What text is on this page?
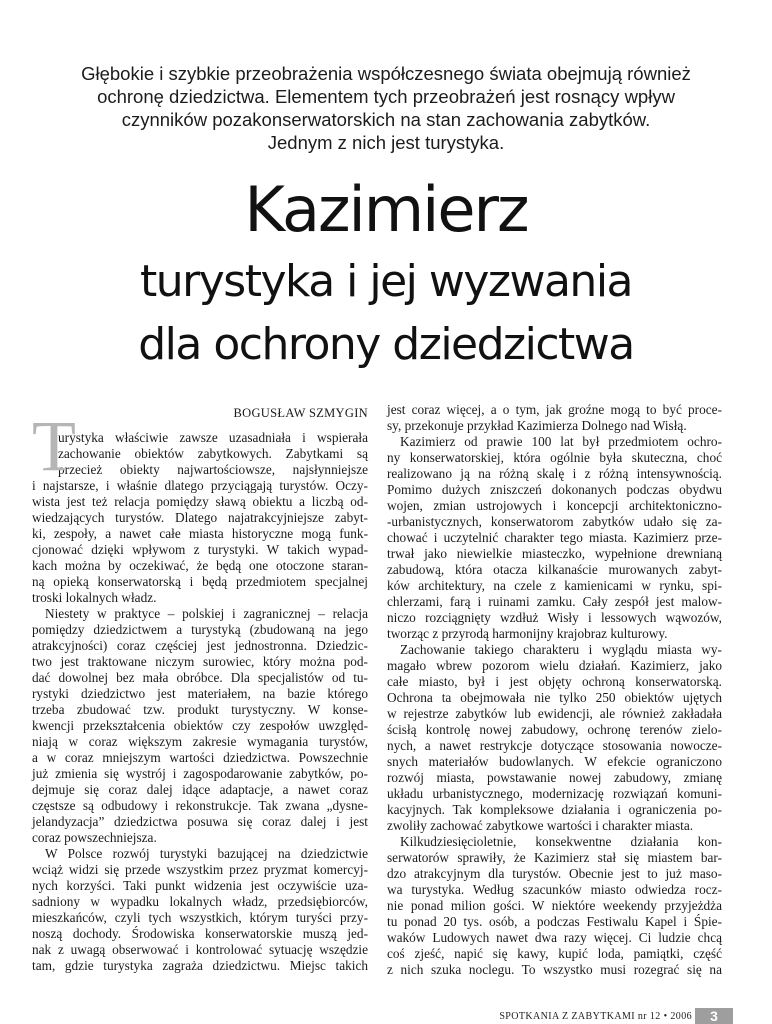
Głębokie i szybkie przeobrażenia współczesnego świata obejmują również
ochronę dziedzictwa. Elementem tych przeobrażeń jest rosnący wpływ
czynników pozakonserwatorskich na stan zachowania zabytków.
Jednym z nich jest turystyka.
Kazimierz
turystyka i jej wyzwania
dla ochrony dziedzictwa
BOGUSŁAW SZMYGIN
urystyka właściwie zawsze uzasadniała i wspierała
zachowanie obiektów zabytkowych. Zabytkami są
przecież obiekty najwartościowsze, najsłynniejsze
i najstarsze, i właśnie dlatego przyciągają turystów. Oczy-
wista jest też relacja pomiędzy sławą obiektu a liczbą od-
wiedzających turystów. Dlatego najatrakcyjniejsze zabyt-
ki, zespoły, a nawet całe miasta historyczne mogą funk-
cjonować dzięki wpływom z turystyki. W takich wypad-
kach można by oczekiwać, że będą one otoczone staran-
ną opieką konserwatorską i będą przedmiotem specjalnej
troski lokalnych władz.
Niestety w praktyce – polskiej i zagranicznej – relacja
pomiędzy dziedzictwem a turystyką (zbudowaną na jego
atrakcyjności) coraz częściej jest jednostronna. Dziedzic-
two jest traktowane niczym surowiec, który można pod-
dać dowolnej bez mała obróbce. Dla specjalistów od tu-
rystyki dziedzictwo jest materiałem, na bazie którego
trzeba zbudować tzw. produkt turystyczny. W konse-
kwencji przekształcenia obiektów czy zespołów uwzględ-
niają w coraz większym zakresie wymagania turystów,
a w coraz mniejszym wartości dziedzictwa. Powszechnie
już zmienia się wystrój i zagospodarowanie zabytków, po-
dejmuje się coraz dalej idące adaptacje, a nawet coraz
częstsze są odbudowy i rekonstrukcje. Tak zwana „dysne-
jelandyzacja” dziedzictwa posuwa się coraz dalej i jest
coraz powszechniejsza.
W Polsce rozwój turystyki bazującej na dziedzictwie
wciąż widzi się przede wszystkim przez pryzmat komercyj-
nych korzyści. Taki punkt widzenia jest oczywiście uza-
sadniony w wypadku lokalnych władz, przedsiębiorców,
mieszkańców, czyli tych wszystkich, którym turyści przy-
noszą dochody. Środowiska konserwatorskie muszą jed-
nak z uwagą obserwować i kontrolować sytuację wszędzie
tam, gdzie turystyka zagraża dziedzictwu. Miejsc takich
T	jest coraz więcej, a o tym, jak groźne mogą to być proce-
sy, przekonuje przykład Kazimierza Dolnego nad Wisłą.
Kazimierz od prawie 100 lat był przedmiotem ochro-
ny konserwatorskiej, która ogólnie była skuteczna, choć
realizowano ją na różną skalę i z różną intensywnością.
Pomimo dużych zniszczeń dokonanych podczas obydwu
wojen, zmian ustrojowych i koncepcji architektoniczno-
-urbanistycznych, konserwatorom zabytków udało się za-
chować i uczytelnić charakter tego miasta. Kazimierz prze-
trwał jako niewielkie miasteczko, wypełnione drewnianą
zabudową, która otacza kilkanaście murowanych zabyt-
ków architektury, na czele z kamienicami w rynku, spi-
chlerzami, farą i ruinami zamku. Cały zespół jest malow-
niczo rozciągnięty wzdłuż Wisły i lessowych wąwozów,
tworząc z przyrodą harmonijny krajobraz kulturowy.
Zachowanie takiego charakteru i wyglądu miasta wy-
magało wbrew pozorom wielu działań. Kazimierz, jako
całe miasto, był i jest objęty ochroną konserwatorską.
Ochrona ta obejmowała nie tylko 250 obiektów ujętych
w rejestrze zabytków lub ewidencji, ale również zakładała
ścisłą kontrolę nowej zabudowy, ochronę terenów zielo-
nych, a nawet restrykcje dotyczące stosowania nowocze-
snych materiałów budowlanych. W efekcie ograniczono
rozwój miasta, powstawanie nowej zabudowy, zmianę
układu urbanistycznego, modernizację rozwiązań komuni-
kacyjnych. Tak kompleksowe działania i ograniczenia po-
zwoliły zachować zabytkowe wartości i charakter miasta.
Kilkudziesięcioletnie, konsekwentne działania kon-
serwatorów sprawiły, że Kazimierz stał się miastem bar-
dzo atrakcyjnym dla turystów. Obecnie jest to już maso-
wa turystyka. Według szacunków miasto odwiedza rocz-
nie ponad milion gości. W niektóre weekendy przyjeżdża
tu ponad 20 tys. osób, a podczas Festiwalu Kapel i Śpie-
waków Ludowych nawet dwa razy więcej. Ci ludzie chcą
coś zjeść, napić się kawy, kupić loda, pamiątki, część
z nich szuka noclegu. To wszystko musi rozegrać się na
SPOTKANIA Z ZABYTKAMI nr 12 • 2006	3
